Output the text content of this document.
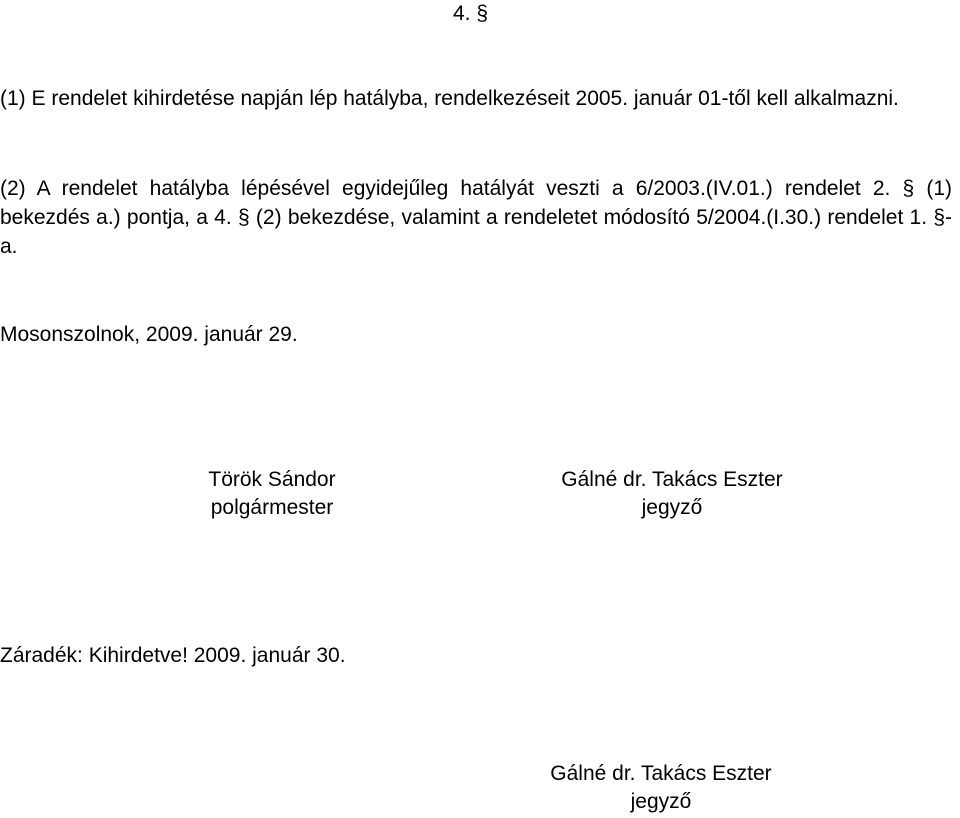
4. §
(1) E rendelet kihirdetése napján lép hatályba, rendelkezéseit 2005. január 01-től kell alkalmazni.
(2) A rendelet hatályba lépésével egyidejűleg hatályát veszti a 6/2003.(IV.01.) rendelet 2. § (1) bekezdés a.) pontja, a 4. § (2) bekezdése, valamint a rendeletet módosító 5/2004.(I.30.) rendelet 1. §-a.
Mosonszolnok, 2009. január 29.
Török Sándor
polgármester
Gálné dr. Takács Eszter
jegyző
Záradék: Kihirdetve! 2009. január 30.
Gálné dr. Takács Eszter
jegyző
